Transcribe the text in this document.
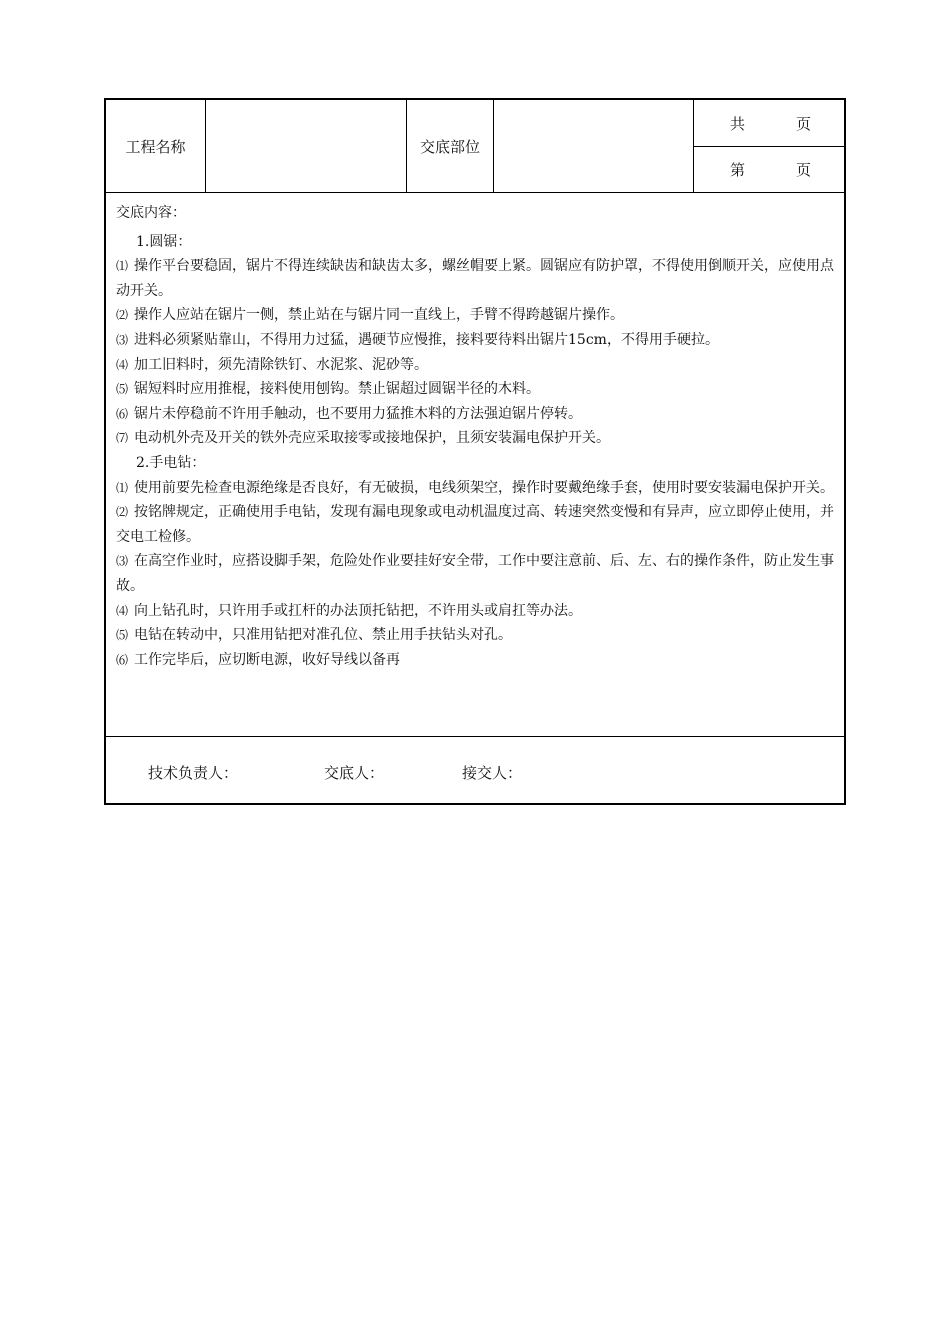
工程名称	交底部位
共	页
第	页

交底内容：

1.圆锯：

⑴ 操作平台要稳固，锯片不得连续缺齿和缺齿太多，螺丝帽要上紧。圆锯应有防护罩，不得使用倒顺开关，应使用点动开关。

⑵ 操作人应站在锯片一侧，禁止站在与锯片同一直线上，手臂不得跨越锯片操作。

⑶ 进料必须紧贴靠山，不得用力过猛，遇硬节应慢推，接料要待料出锯片15cm，不得用手硬拉。

⑷ 加工旧料时，须先清除铁钉、水泥浆、泥砂等。

⑸ 锯短料时应用推棍，接料使用刨钩。禁止锯超过圆锯半径的木料。

⑹ 锯片未停稳前不许用手触动，也不要用力猛推木料的方法强迫锯片停转。

⑺ 电动机外壳及开关的铁外壳应采取接零或接地保护，且须安装漏电保护开关。

2.手电钻：

⑴ 使用前要先检查电源绝缘是否良好，有无破损，电线须架空，操作时要戴绝缘手套，使用时要安装漏电保护开关。

⑵ 按铭牌规定，正确使用手电钻，发现有漏电现象或电动机温度过高、转速突然变慢和有异声，应立即停止使用，并交电工检修。

⑶ 在高空作业时，应搭设脚手架，危险处作业要挂好安全带，工作中要注意前、后、左、右的操作条件，防止发生事故。

⑷ 向上钻孔时，只许用手或扛杆的办法顶托钻把，不许用头或肩扛等办法。

⑸ 电钻在转动中，只准用钻把对准孔位、禁止用手扶钻头对孔。

⑹ 工作完毕后，应切断电源，收好导线以备再

技术负责人：	交底人：	接交人：
